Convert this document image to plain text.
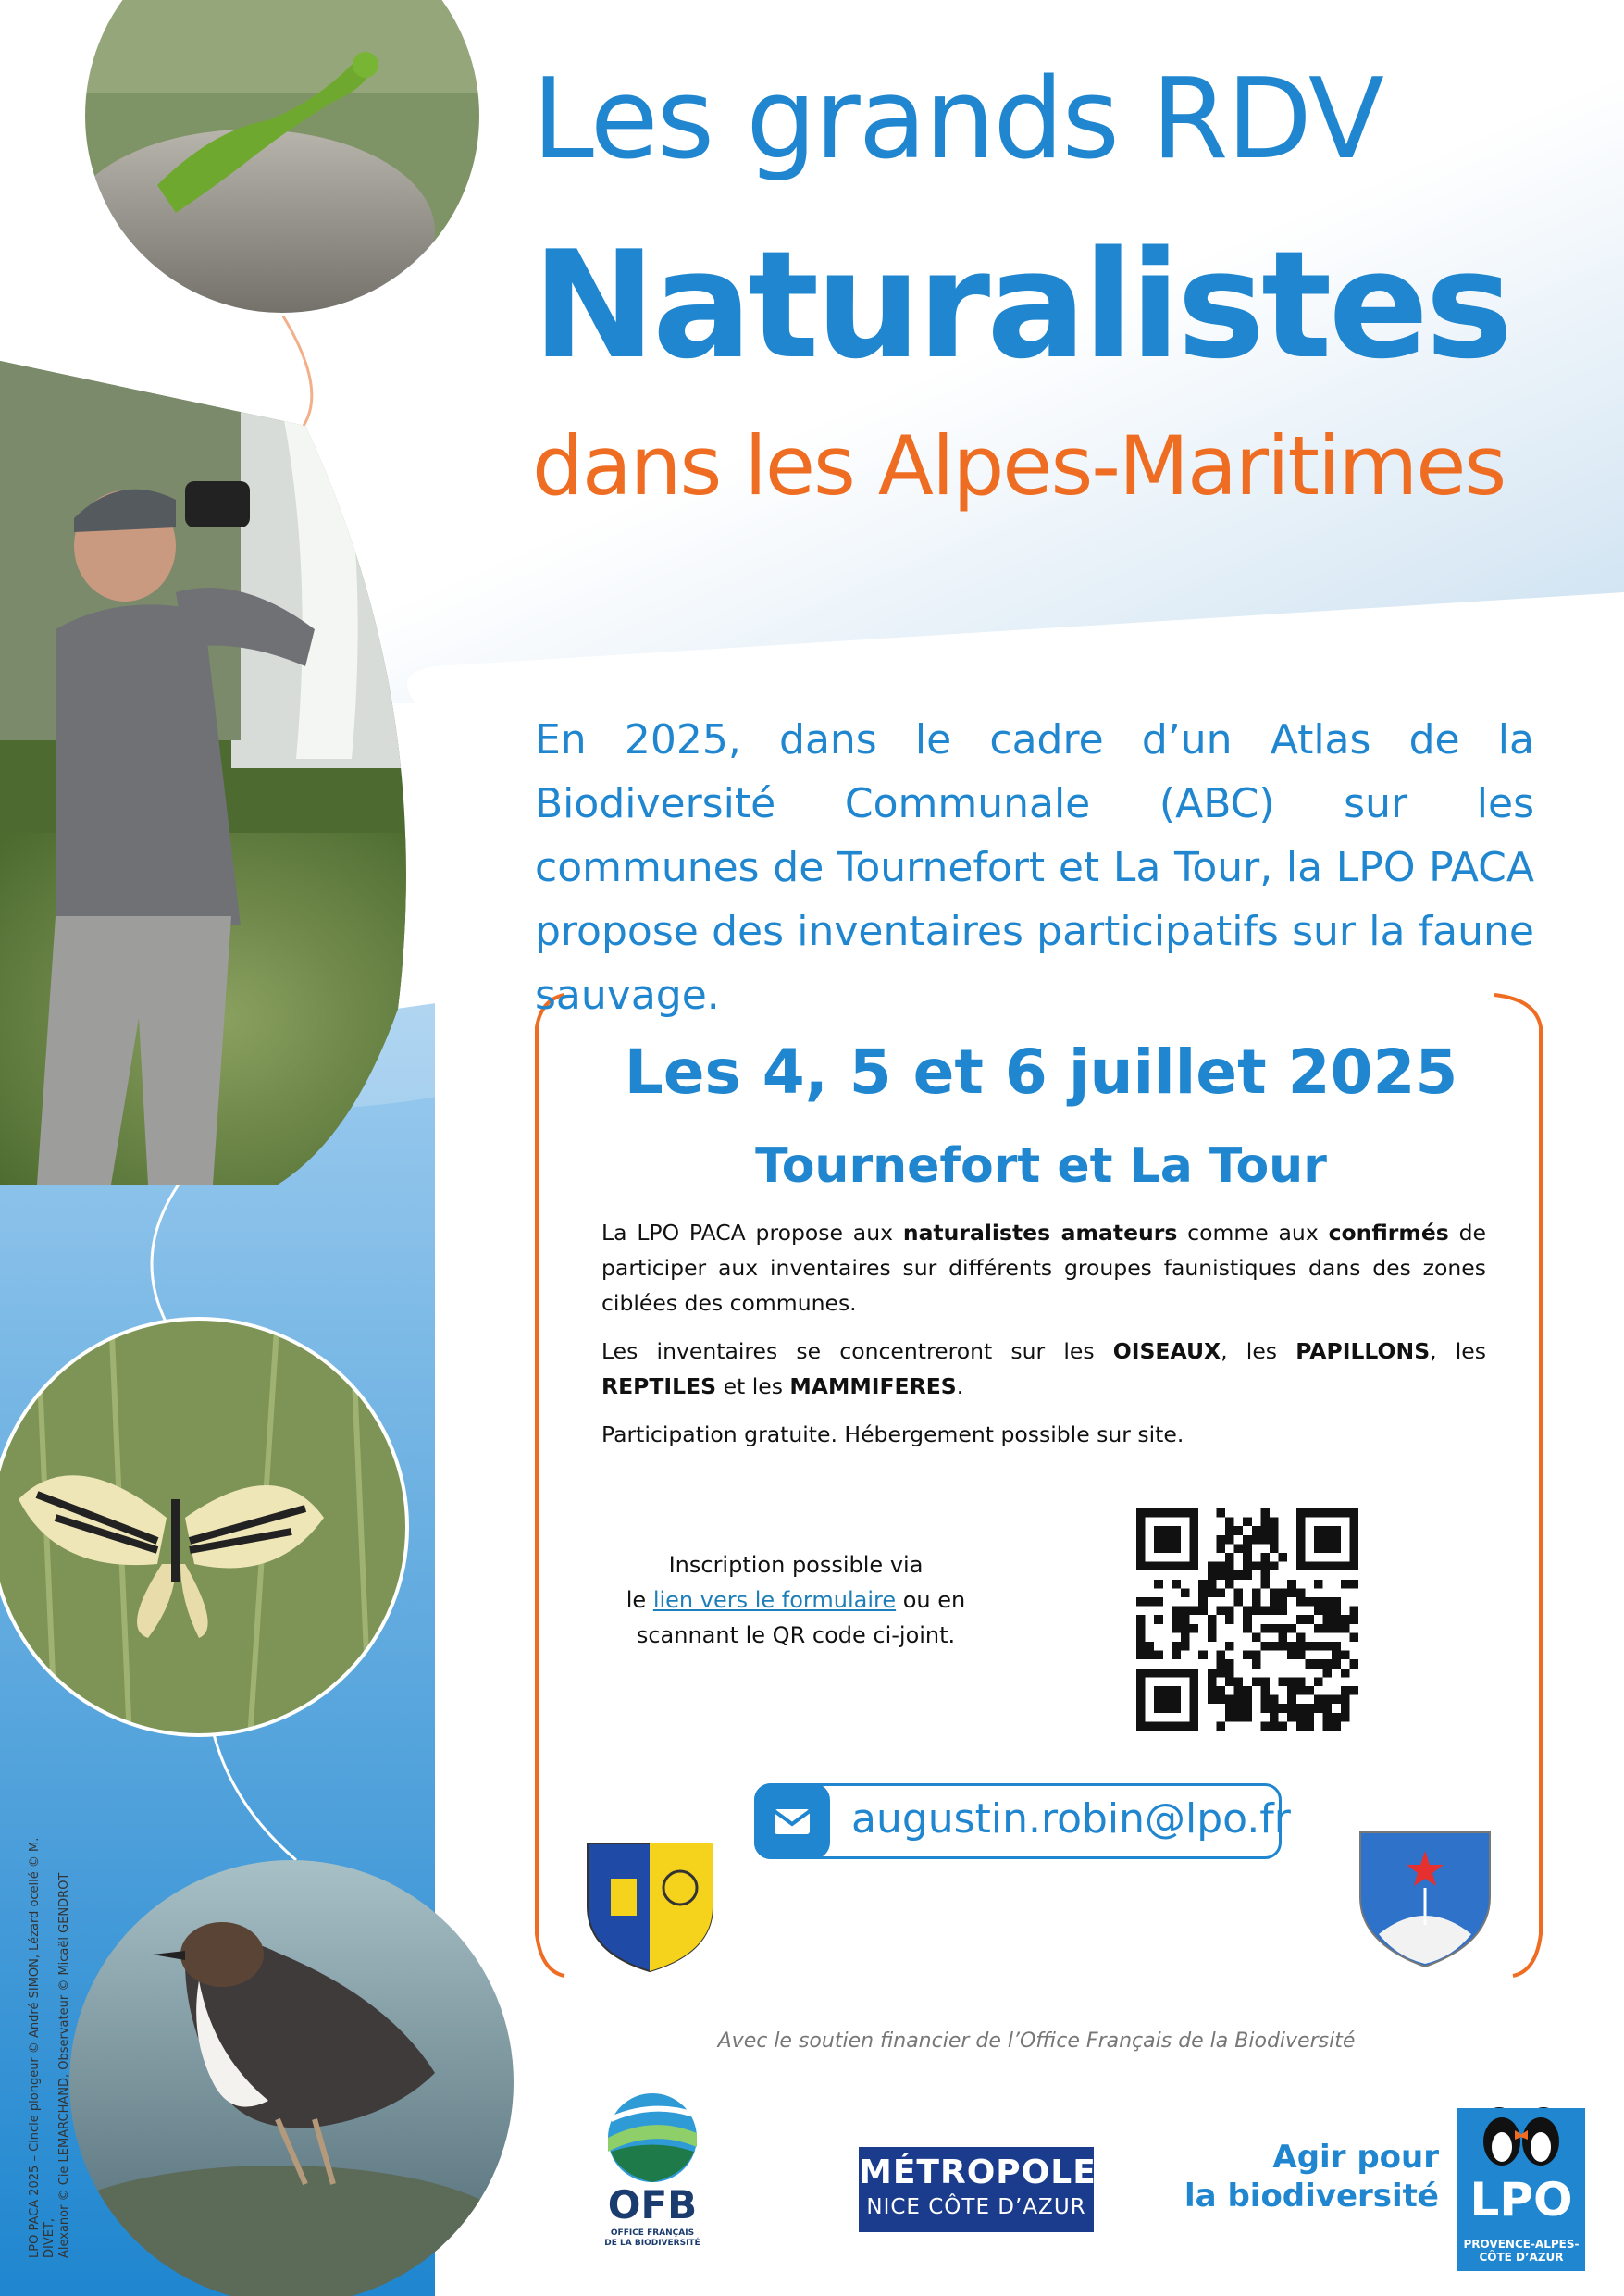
Les grands RDV
Naturalistes
dans les Alpes-Maritimes
En 2025, dans le cadre d’un Atlas de la Biodiversité Communale (ABC) sur les communes de Tournefort et La Tour, la LPO PACA propose des inventaires participatifs sur la faune sauvage.
Les 4, 5 et 6 juillet 2025
Tournefort et La Tour

La LPO PACA propose aux naturalistes amateurs comme aux confirmés de participer aux inventaires sur différents groupes faunistiques dans des zones ciblées des communes.

Les inventaires se concentreront sur les OISEAUX, les PAPILLONS, les REPTILES et les MAMMIFERES.

Participation gratuite. Hébergement possible sur site.

Inscription possible via
le lien vers le formulaire ou en
scannant le QR code ci-joint.
augustin.robin@lpo.fr
Avec le soutien financier de l’Office Français de la Biodiversité
OFB
OFFICE FRANÇAIS
DE LA BIODIVERSITÉ
MÉTROPOLE
NICE CÔTE D’AZUR
Agir pour
la biodiversité LPO
PROVENCE-ALPES-
CÔTE D’AZUR
LPO PACA 2025 – Cincle plongeur © André SIMON, Lézard ocellé © M. DIVET, Alexanor © Cie LEMARCHAND, Observateur © Micaël GENDROT
